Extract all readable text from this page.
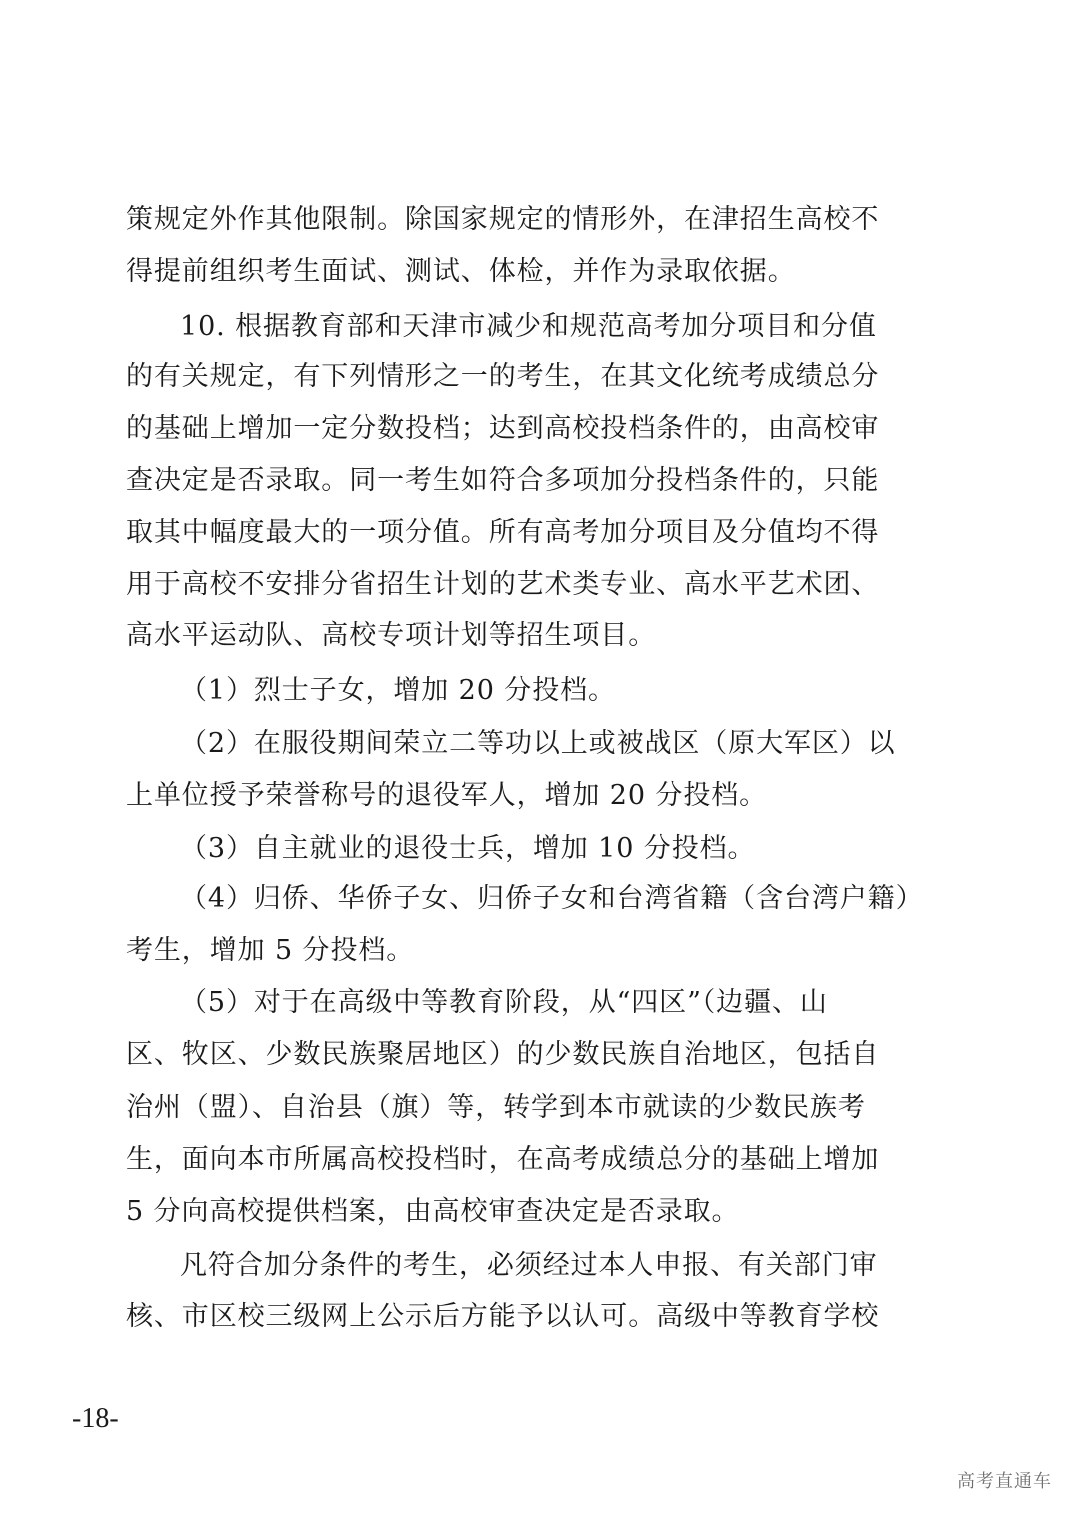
策规定外作其他限制。除国家规定的情形外，在津招生高校不
得提前组织考生面试、测试、体检，并作为录取依据。
10. 根据教育部和天津市减少和规范高考加分项目和分值
的有关规定，有下列情形之一的考生，在其文化统考成绩总分
的基础上增加一定分数投档；达到高校投档条件的，由高校审
查决定是否录取。同一考生如符合多项加分投档条件的，只能
取其中幅度最大的一项分值。所有高考加分项目及分值均不得
用于高校不安排分省招生计划的艺术类专业、高水平艺术团、
高水平运动队、高校专项计划等招生项目。
（1）烈士子女，增加 20 分投档。
（2）在服役期间荣立二等功以上或被战区（原大军区）以
上单位授予荣誉称号的退役军人，增加 20 分投档。
（3）自主就业的退役士兵，增加 10 分投档。
（4）归侨、华侨子女、归侨子女和台湾省籍（含台湾户籍）
考生，增加 5 分投档。
（5）对于在高级中等教育阶段，从“四区”（边疆、山
区、牧区、少数民族聚居地区）的少数民族自治地区，包括自
治州（盟）、自治县（旗）等，转学到本市就读的少数民族考
生，面向本市所属高校投档时，在高考成绩总分的基础上增加
5 分向高校提供档案，由高校审查决定是否录取。
凡符合加分条件的考生，必须经过本人申报、有关部门审
核、市区校三级网上公示后方能予以认可。高级中等教育学校
-18-
高考直通车
